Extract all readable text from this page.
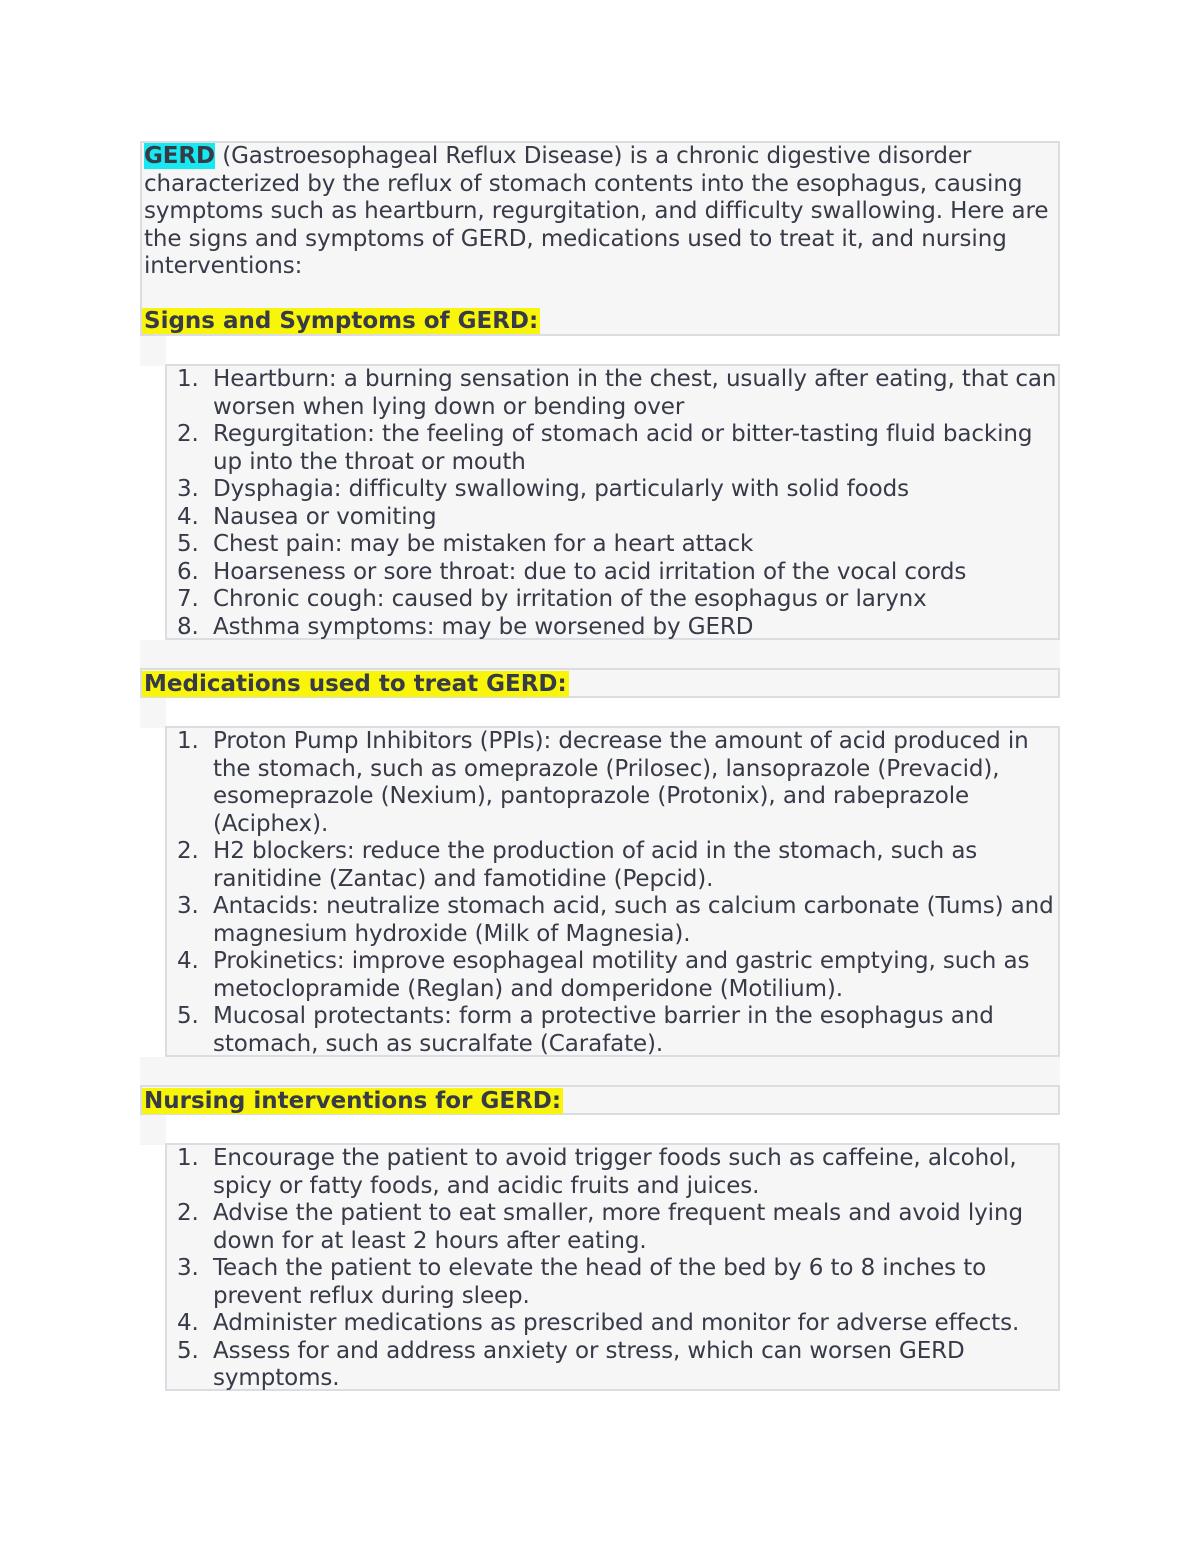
GERD (Gastroesophageal Reflux Disease) is a chronic digestive disorder characterized by the reflux of stomach contents into the esophagus, causing symptoms such as heartburn, regurgitation, and difficulty swallowing. Here are the signs and symptoms of GERD, medications used to treat it, and nursing interventions:

Signs and Symptoms of GERD:
1. Heartburn: a burning sensation in the chest, usually after eating, that can worsen when lying down or bending over
2. Regurgitation: the feeling of stomach acid or bitter-tasting fluid backing up into the throat or mouth
3. Dysphagia: difficulty swallowing, particularly with solid foods
4. Nausea or vomiting
5. Chest pain: may be mistaken for a heart attack
6. Hoarseness or sore throat: due to acid irritation of the vocal cords
7. Chronic cough: caused by irritation of the esophagus or larynx
8. Asthma symptoms: may be worsened by GERD
Medications used to treat GERD:
1. Proton Pump Inhibitors (PPIs): decrease the amount of acid produced in the stomach, such as omeprazole (Prilosec), lansoprazole (Prevacid), esomeprazole (Nexium), pantoprazole (Protonix), and rabeprazole (Aciphex).
2. H2 blockers: reduce the production of acid in the stomach, such as ranitidine (Zantac) and famotidine (Pepcid).
3. Antacids: neutralize stomach acid, such as calcium carbonate (Tums) and magnesium hydroxide (Milk of Magnesia).
4. Prokinetics: improve esophageal motility and gastric emptying, such as metoclopramide (Reglan) and domperidone (Motilium).
5. Mucosal protectants: form a protective barrier in the esophagus and stomach, such as sucralfate (Carafate).
Nursing interventions for GERD:
1. Encourage the patient to avoid trigger foods such as caffeine, alcohol, spicy or fatty foods, and acidic fruits and juices.
2. Advise the patient to eat smaller, more frequent meals and avoid lying down for at least 2 hours after eating.
3. Teach the patient to elevate the head of the bed by 6 to 8 inches to prevent reflux during sleep.
4. Administer medications as prescribed and monitor for adverse effects.
5. Assess for and address anxiety or stress, which can worsen GERD symptoms.
